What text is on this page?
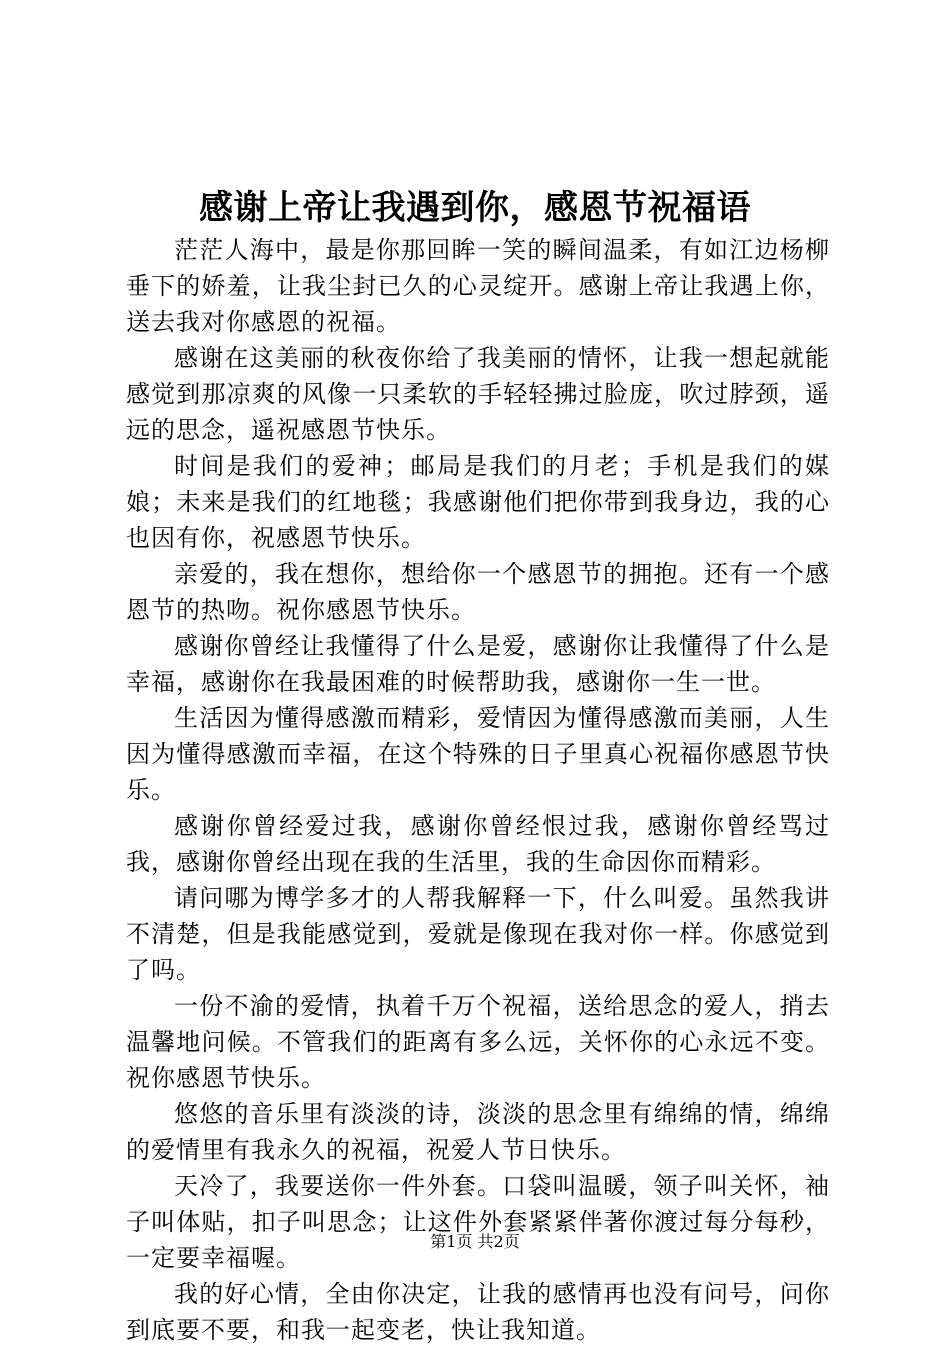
感谢上帝让我遇到你，感恩节祝福语

茫茫人海中，最是你那回眸一笑的瞬间温柔，有如江边杨柳垂下的娇羞，让我尘封已久的心灵绽开。感谢上帝让我遇上你，送去我对你感恩的祝福。

感谢在这美丽的秋夜你给了我美丽的情怀，让我一想起就能感觉到那凉爽的风像一只柔软的手轻轻拂过脸庞，吹过脖颈，遥远的思念，遥祝感恩节快乐。

时间是我们的爱神；邮局是我们的月老；手机是我们的媒娘；未来是我们的红地毯；我感谢他们把你带到我身边，我的心也因有你，祝感恩节快乐。

亲爱的，我在想你，想给你一个感恩节的拥抱。还有一个感恩节的热吻。祝你感恩节快乐。

感谢你曾经让我懂得了什么是爱，感谢你让我懂得了什么是幸福，感谢你在我最困难的时候帮助我，感谢你一生一世。

生活因为懂得感激而精彩，爱情因为懂得感激而美丽，人生因为懂得感激而幸福，在这个特殊的日子里真心祝福你感恩节快乐。

感谢你曾经爱过我，感谢你曾经恨过我，感谢你曾经骂过我，感谢你曾经出现在我的生活里，我的生命因你而精彩。

请问哪为博学多才的人帮我解释一下，什么叫爱。虽然我讲不清楚，但是我能感觉到，爱就是像现在我对你一样。你感觉到了吗。

一份不渝的爱情，执着千万个祝福，送给思念的爱人，捎去温馨地问候。不管我们的距离有多么远，关怀你的心永远不变。祝你感恩节快乐。

悠悠的音乐里有淡淡的诗，淡淡的思念里有绵绵的情，绵绵的爱情里有我永久的祝福，祝爱人节日快乐。

天冷了，我要送你一件外套。口袋叫温暖，领子叫关怀，袖子叫体贴，扣子叫思念；让这件外套紧紧伴著你渡过每分每秒，一定要幸福喔。

我的好心情，全由你决定，让我的感情再也没有问号，问你到底要不要，和我一起变老，快让我知道。

第1页 共2页
